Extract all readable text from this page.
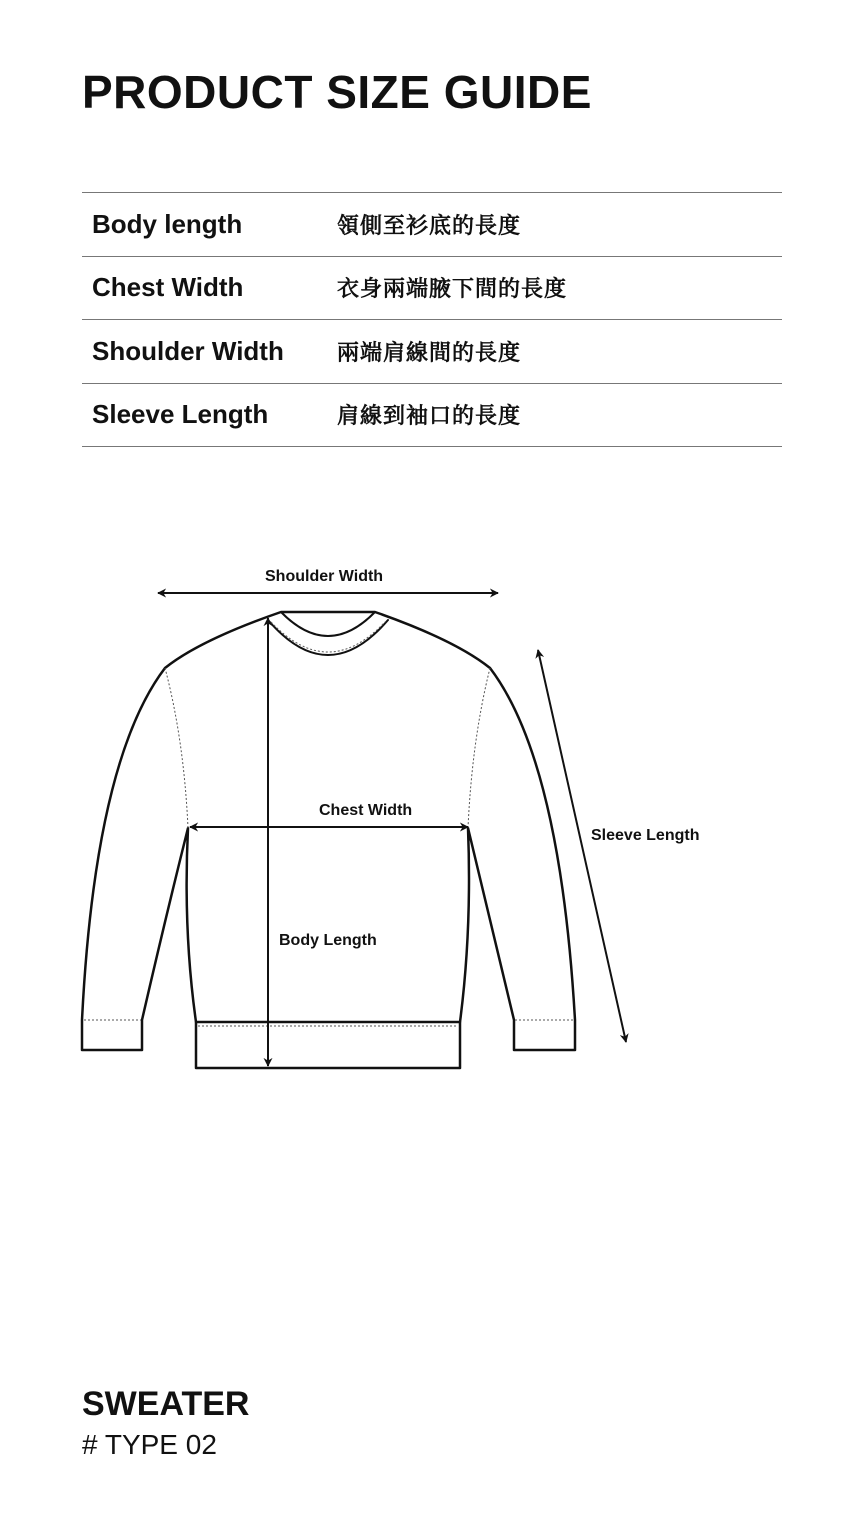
PRODUCT SIZE GUIDE
Body length	領側至衫底的長度
Chest Width	衣身兩端腋下間的長度
Shoulder Width	兩端肩線間的長度
Sleeve Length	肩線到袖口的長度
Shoulder Width
Chest Width
Body Length
Sleeve Length
SWEATER
# TYPE 02
